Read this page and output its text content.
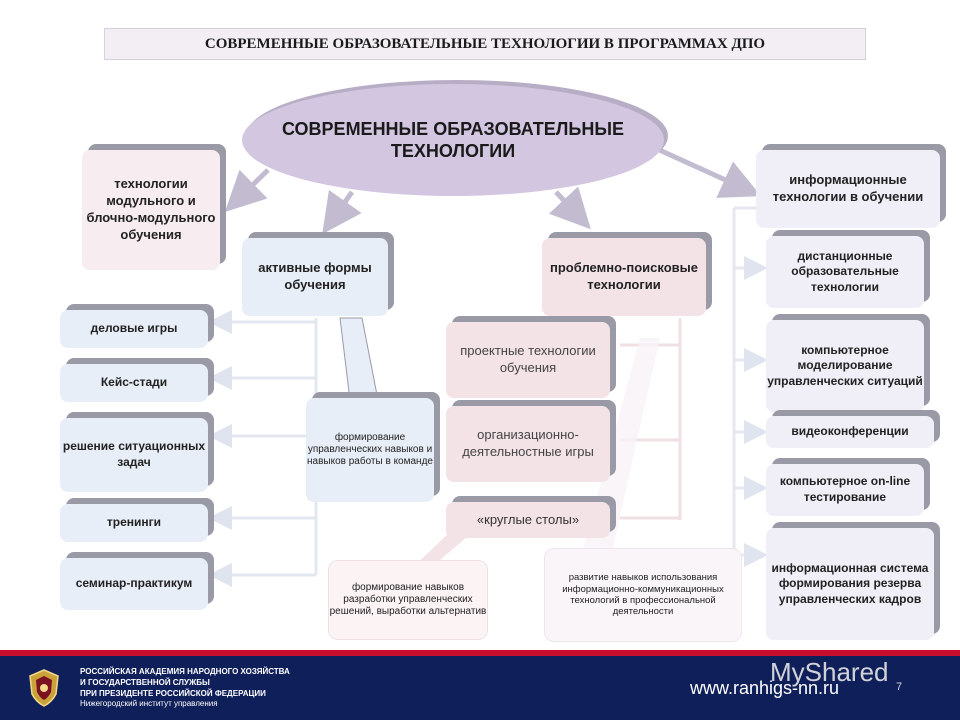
СОВРЕМЕННЫЕ ОБРАЗОВАТЕЛЬНЫЕ ТЕХНОЛОГИИ В ПРОГРАММАХ ДПО
СОВРЕМЕННЫЕ ОБРАЗОВАТЕЛЬНЫЕ ТЕХНОЛОГИИ
технологии модульного и блочно-модульного обучения
активные формы обучения
проблемно-поисковые технологии
информационные технологии в обучении
деловые игры
Кейс-стади
решение ситуационных задач
тренинги
семинар-практикум
проектные технологии обучения
организационно-деятельностные игры
«круглые столы»
дистанционные образовательные технологии
компьютерное моделирование управленческих ситуаций
видеоконференции
компьютерное on-line тестирование
информационная система формирования резерва управленческих кадров
формирование управленческих навыков и навыков работы в команде
формирование навыков разработки управленческих решений, выработки альтернатив
развитие навыков использования информационно-коммуникационных технологий в профессиональной деятельности
РОССИЙСКАЯ АКАДЕМИЯ НАРОДНОГО ХОЗЯЙСТВА
И ГОСУДАРСТВЕННОЙ СЛУЖБЫ
ПРИ ПРЕЗИДЕНТЕ РОССИЙСКОЙ ФЕДЕРАЦИИ
Нижегородский институт управления
www.ranhigs-nn.ru
MyShared 7
